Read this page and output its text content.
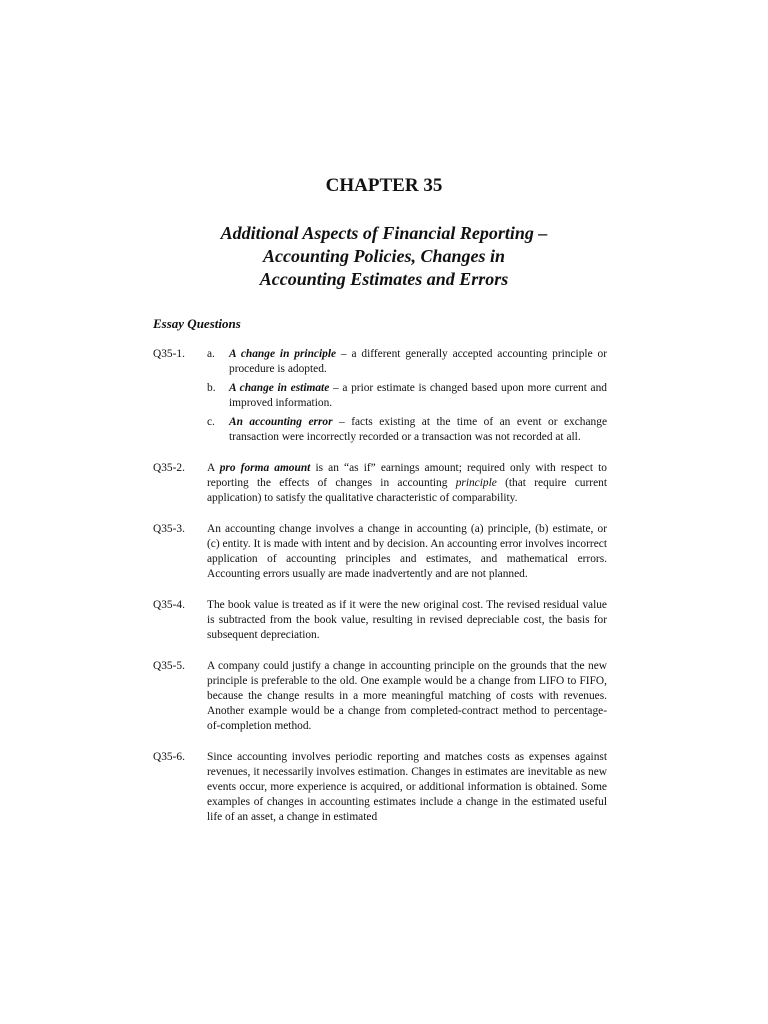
CHAPTER 35
Additional Aspects of Financial Reporting –
Accounting Policies, Changes in
Accounting Estimates and Errors
Essay Questions
Q35-1.	a.	A change in principle – a different generally accepted accounting principle or procedure is adopted.
b.	A change in estimate – a prior estimate is changed based upon more current and improved information.
c.	An accounting error – facts existing at the time of an event or exchange transaction were incorrectly recorded or a transaction was not recorded at all.
Q35-2.	A pro forma amount is an “as if” earnings amount; required only with respect to reporting the effects of changes in accounting principle (that require current application) to satisfy the qualitative characteristic of comparability.
Q35-3.	An accounting change involves a change in accounting (a) principle, (b) estimate, or (c) entity. It is made with intent and by decision. An accounting error involves incorrect application of accounting principles and estimates, and mathematical errors. Accounting errors usually are made inadvertently and are not planned.
Q35-4.	The book value is treated as if it were the new original cost. The revised residual value is subtracted from the book value, resulting in revised depreciable cost, the basis for subsequent depreciation.
Q35-5.	A company could justify a change in accounting principle on the grounds that the new principle is preferable to the old. One example would be a change from LIFO to FIFO, because the change results in a more meaningful matching of costs with revenues. Another example would be a change from completed-contract method to percentage-of-completion method.
Q35-6.	Since accounting involves periodic reporting and matches costs as expenses against revenues, it necessarily involves estimation. Changes in estimates are inevitable as new events occur, more experience is acquired, or additional information is obtained. Some examples of changes in accounting estimates include a change in the estimated useful life of an asset, a change in estimated
